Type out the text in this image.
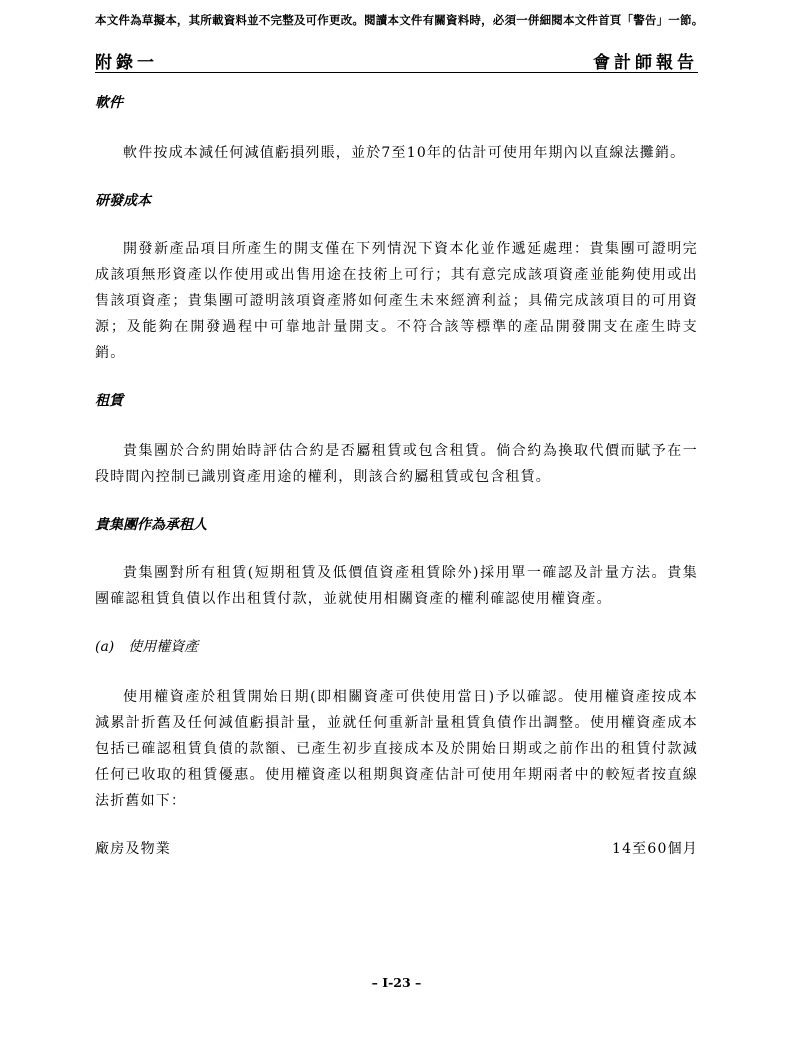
本文件為草擬本，其所載資料並不完整及可作更改。閱讀本文件有關資料時，必須一併細閱本文件首頁「警告」一節。
附錄一	會計師報告

軟件

軟件按成本減任何減值虧損列賬，並於7至10年的估計可使用年期內以直線法攤銷。

研發成本

開發新產品項目所產生的開支僅在下列情況下資本化並作遞延處理：貴集團可證明完成該項無形資產以作使用或出售用途在技術上可行；其有意完成該項資產並能夠使用或出售該項資產；貴集團可證明該項資產將如何產生未來經濟利益；具備完成該項目的可用資源；及能夠在開發過程中可靠地計量開支。不符合該等標準的產品開發開支在產生時支銷。

租賃

貴集團於合約開始時評估合約是否屬租賃或包含租賃。倘合約為換取代價而賦予在一段時間內控制已識別資產用途的權利，則該合約屬租賃或包含租賃。

貴集團作為承租人

貴集團對所有租賃(短期租賃及低價值資產租賃除外)採用單一確認及計量方法。貴集團確認租賃負債以作出租賃付款，並就使用相關資產的權利確認使用權資產。

(a) 使用權資產

使用權資產於租賃開始日期(即相關資產可供使用當日)予以確認。使用權資產按成本減累計折舊及任何減值虧損計量，並就任何重新計量租賃負債作出調整。使用權資產成本包括已確認租賃負債的款額、已產生初步直接成本及於開始日期或之前作出的租賃付款減任何已收取的租賃優惠。使用權資產以租期與資產估計可使用年期兩者中的較短者按直線法折舊如下：

廠房及物業	14至60個月
– I-23 –
